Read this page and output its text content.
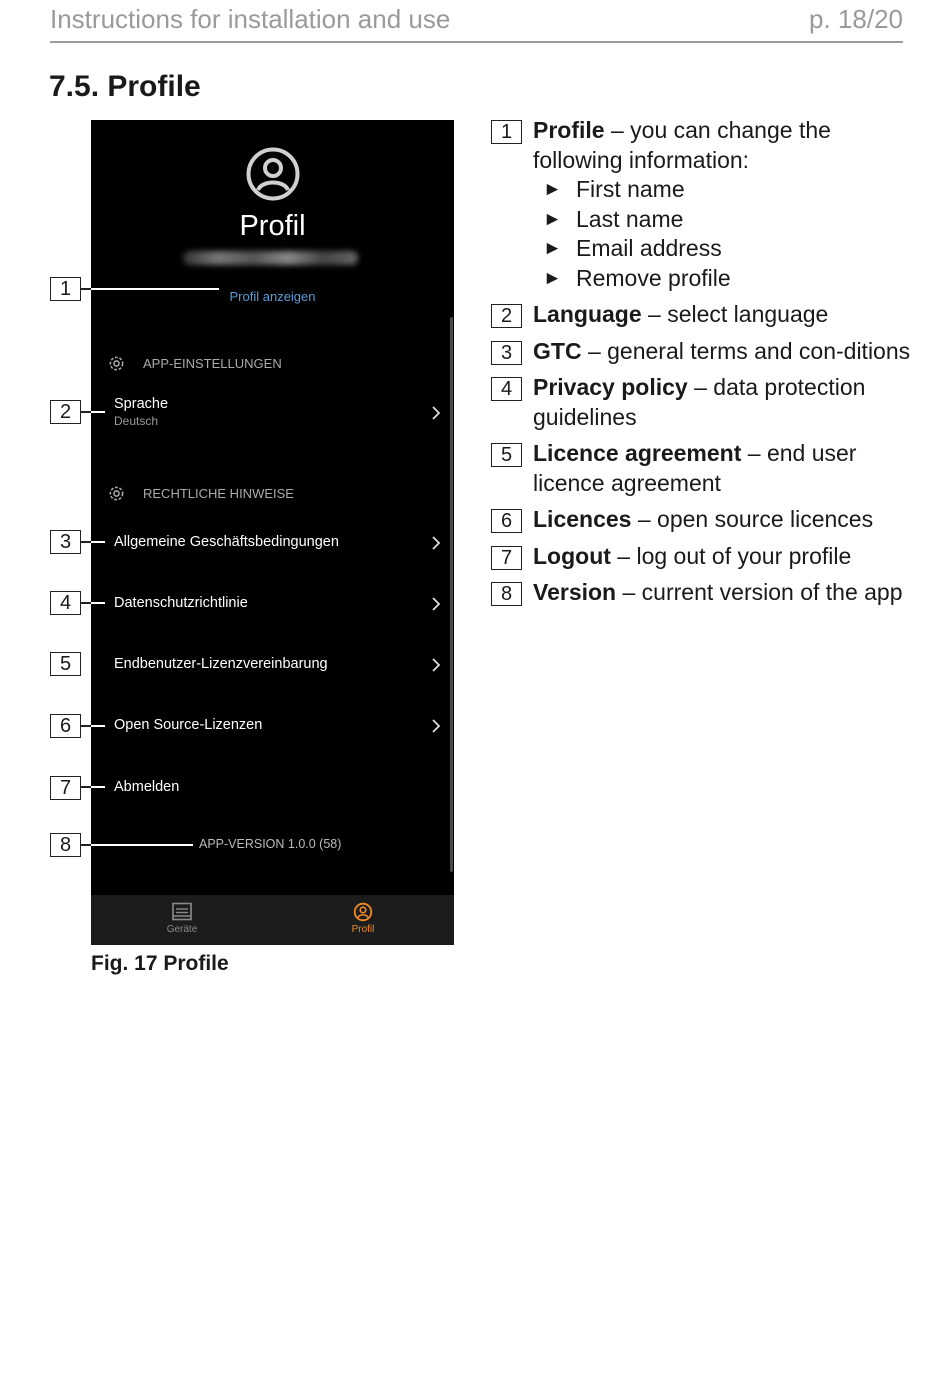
Instructions for installation and use	p. 18/20
7.5. Profile
Profil
Profil anzeigen
APP-EINSTELLUNGEN
Sprache
Deutsch
RECHTLICHE HINWEISE
Allgemeine Geschäftsbedingungen
Datenschutzrichtlinie
Endbenutzer-Lizenzvereinbarung
Open Source-Lizenzen
Abmelden
APP-VERSION 1.0.0 (58)
Geräte	Profil
1
2
3
4
5
6
7
8
Fig. 17 Profile
1 Profile – you can change the following information:
► First name
► Last name
► Email address
► Remove profile
2 Language – select language
3 GTC – general terms and con-ditions
4 Privacy policy – data protection guidelines
5 Licence agreement – end user licence agreement
6 Licences – open source licences
7 Logout – log out of your profile
8 Version – current version of the app
